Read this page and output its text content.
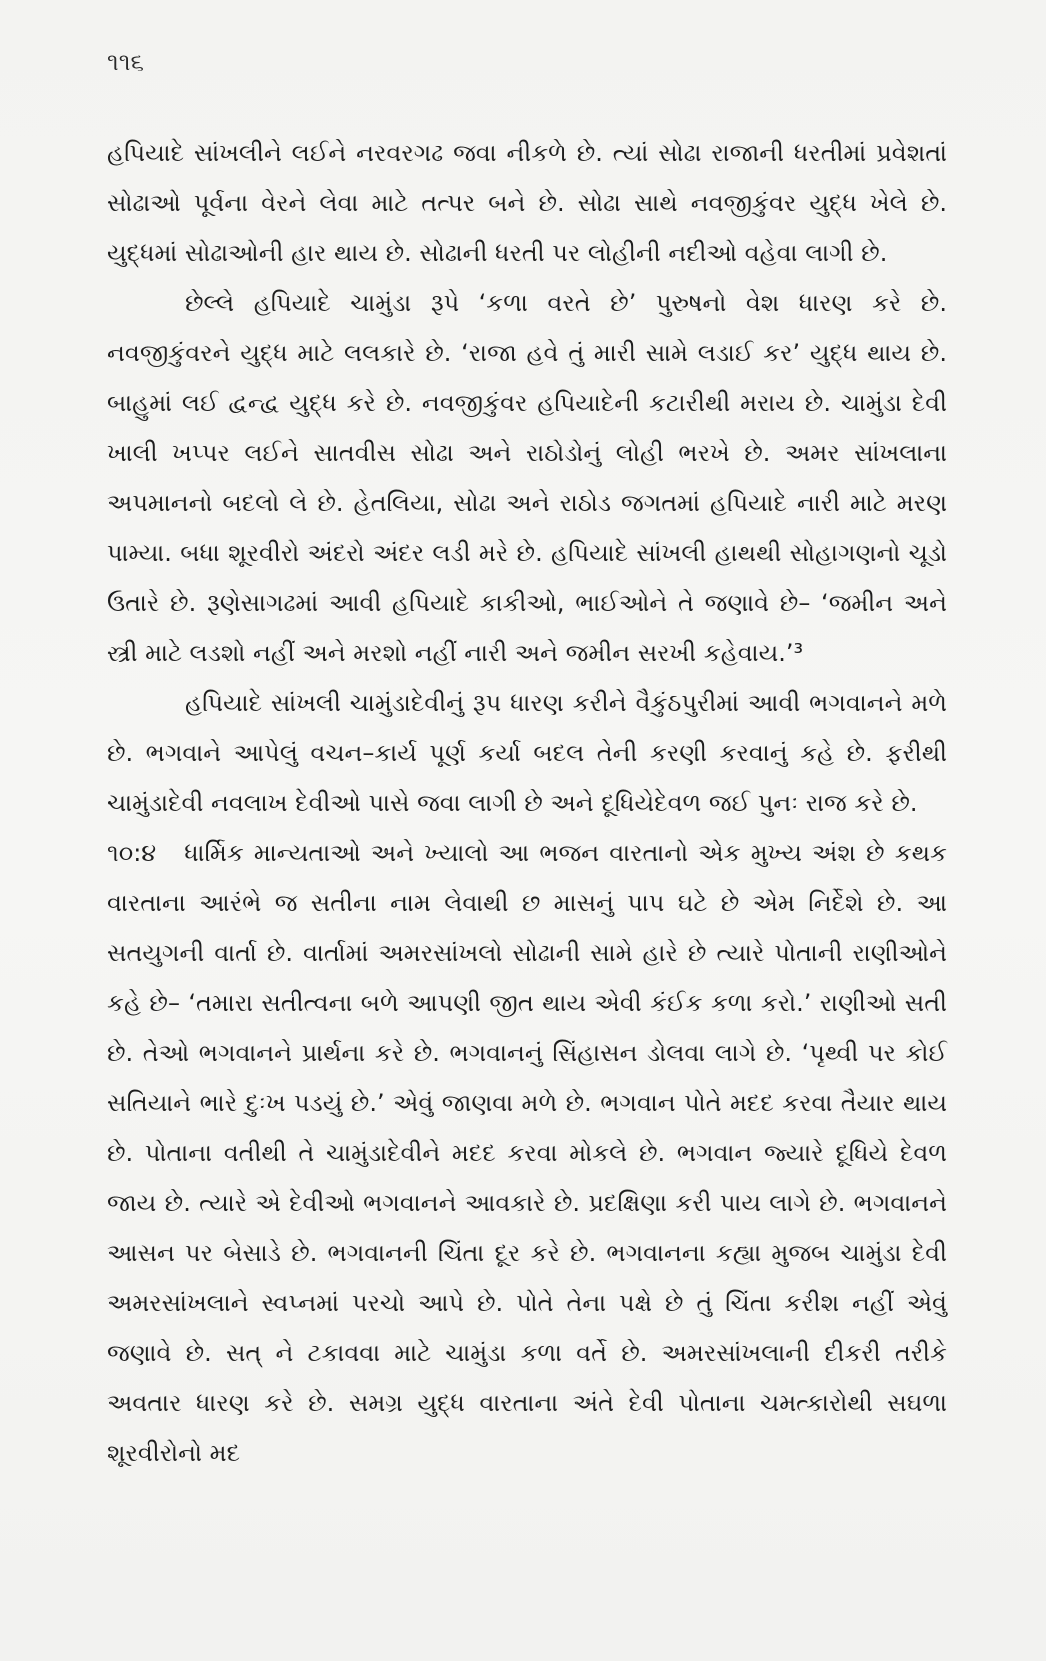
૧૧૬

હપિયાદે સાંખલીને લઈને નરવરગઢ જવા નીકળે છે. ત્યાં સોઢા રાજાની ધરતીમાં પ્રવેશતાં સોઢાઓ પૂર્વના વેરને લેવા માટે તત્પર બને છે. સોઢા સાથે નવજીકુંવર યુદ્ધ ખેલે છે. યુદ્ધમાં સોઢાઓની હાર થાય છે. સોઢાની ધરતી પર લોહીની નદીઓ વહેવા લાગી છે.

છેલ્લે હપિયાદે ચામુંડા રૂપે ‘કળા વરતે છે’ પુરુષનો વેશ ધારણ કરે છે. નવજીકુંવરને યુદ્ધ માટે લલકારે છે. ‘રાજા હવે તું મારી સામે લડાઈ કર’ યુદ્ધ થાય છે. બાહુમાં લઈ દ્વન્દ્વ યુદ્ધ કરે છે. નવજીકુંવર હપિયાદેની કટારીથી મરાય છે. ચામુંડા દેવી ખાલી ખપ્પર લઈને સાતવીસ સોઢા અને રાઠોડોનું લોહી ભરખે છે. અમર સાંખલાના અપમાનનો બદલો લે છે. હેતલિયા, સોઢા અને રાઠોડ જગતમાં હપિયાદે નારી માટે મરણ પામ્યા. બધા શૂરવીરો અંદરો અંદર લડી મરે છે. હપિયાદે સાંખલી હાથથી સોહાગણનો ચૂડો ઉતારે છે. રૂણેસાગઢમાં આવી હપિયાદે કાકીઓ, ભાઈઓને તે જણાવે છે– ‘જમીન અને સ્ત્રી માટે લડશો નહીં અને મરશો નહીં નારી અને જમીન સરખી કહેવાય.’³

હપિયાદે સાંખલી ચામુંડાદેવીનું રૂપ ધારણ કરીને વૈકુંઠપુરીમાં આવી ભગવાનને મળે છે. ભગવાને આપેલું વચન–કાર્ય પૂર્ણ કર્યા બદલ તેની કરણી કરવાનું કહે છે. ફરીથી ચામુંડાદેવી નવલાખ દેવીઓ પાસે જવા લાગી છે અને દૂધિયેદેવળ જઈ પુનઃ રાજ કરે છે.

૧૦:૪ ધાર્મિક માન્યતાઓ અને ખ્યાલો આ ભજન વારતાનો એક મુખ્ય અંશ છે કથક વારતાના આરંભે જ સતીના નામ લેવાથી છ માસનું પાપ ઘટે છે એમ નિર્દેશે છે. આ સતયુગની વાર્તા છે. વાર્તામાં અમરસાંખલો સોઢાની સામે હારે છે ત્યારે પોતાની રાણીઓને કહે છે– ‘તમારા સતીત્વના બળે આપણી જીત થાય એવી કંઈક કળા કરો.’ રાણીઓ સતી છે. તેઓ ભગવાનને પ્રાર્થના કરે છે. ભગવાનનું સિંહાસન ડોલવા લાગે છે. ‘પૃથ્વી પર કોઈ સતિયાને ભારે દુઃખ પડયું છે.’ એવું જાણવા મળે છે. ભગવાન પોતે મદદ કરવા તૈયાર થાય છે. પોતાના વતીથી તે ચામુંડાદેવીને મદદ કરવા મોકલે છે. ભગવાન જ્યારે દૂધિયે દેવળ જાય છે. ત્યારે એ દેવીઓ ભગવાનને આવકારે છે. પ્રદક્ષિણા કરી પાય લાગે છે. ભગવાનને આસન પર બેસાડે છે. ભગવાનની ચિંતા દૂર કરે છે. ભગવાનના કહ્યા મુજબ ચામુંડા દેવી અમરસાંખલાને સ્વપ્નમાં પરચો આપે છે. પોતે તેના પક્ષે છે તું ચિંતા કરીશ નહીં એવું જણાવે છે. સત્ ને ટકાવવા માટે ચામુંડા કળા વર્તે છે. અમરસાંખલાની દીકરી તરીકે અવતાર ધારણ કરે છે. સમગ્ર યુદ્ધ વારતાના અંતે દેવી પોતાના ચમત્કારોથી સઘળા શૂરવીરોનો મદ
